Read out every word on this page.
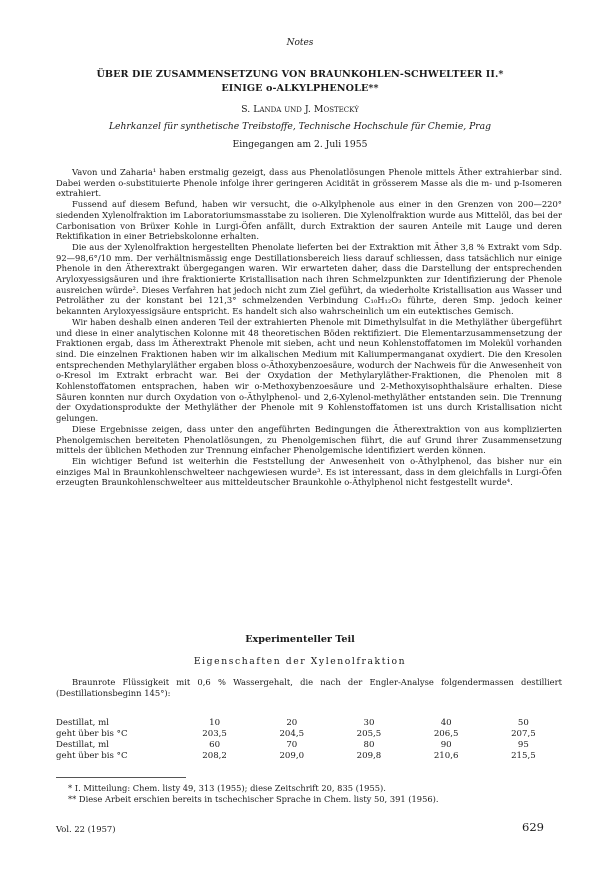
Notes
ÜBER DIE ZUSAMMENSETZUNG VON BRAUNKOHLEN-SCHWELTEER II.*
EINIGE o-ALKYLPHENOLE**
S. Landa und J. Mostecký
Lehrkanzel für synthetische Treibstoffe, Technische Hochschule für Chemie, Prag
Eingegangen am 2. Juli 1955

Vavon und Zaharia¹ haben erstmalig gezeigt, dass aus Phenolatlösungen Phenole mittels Äther extrahierbar sind. Dabei werden o-substituierte Phenole infolge ihrer geringeren Acidität in grösserem Masse als die m- und p-Isomeren extrahiert.

Fussend auf diesem Befund, haben wir versucht, die o-Alkylphenole aus einer in den Grenzen von 200—220° siedenden Xylenolfraktion im Laboratoriumsmasstabe zu isolieren. Die Xylenolfraktion wurde aus Mittelöl, das bei der Carbonisation von Brüxer Kohle in Lurgi-Öfen anfällt, durch Extraktion der sauren Anteile mit Lauge und deren Rektifikation in einer Betriebskolonne erhalten.

Die aus der Xylenolfraktion hergestellten Phenolate lieferten bei der Extraktion mit Äther 3,8 % Extrakt vom Sdp. 92—98,6°/10 mm. Der verhältnismässig enge Destillationsbereich liess darauf schliessen, dass tatsächlich nur einige Phenole in den Ätherextrakt übergegangen waren. Wir erwarteten daher, dass die Darstellung der entsprechenden Aryloxyessigsäuren und ihre fraktionierte Kristallisation nach ihren Schmelzpunkten zur Identifizierung der Phenole ausreichen würde². Dieses Verfahren hat jedoch nicht zum Ziel geführt, da wiederholte Kristallisation aus Wasser und Petroläther zu der konstant bei 121,3° schmelzenden Verbindung C₁₀H₁₂O₃ führte, deren Smp. jedoch keiner bekannten Aryloxyessigsäure entspricht. Es handelt sich also wahrscheinlich um ein eutektisches Gemisch.

Wir haben deshalb einen anderen Teil der extrahierten Phenole mit Dimethylsulfat in die Methyläther übergeführt und diese in einer analytischen Kolonne mit 48 theoretischen Böden rektifiziert. Die Elementarzusammensetzung der Fraktionen ergab, dass im Ätherextrakt Phenole mit sieben, acht und neun Kohlenstoffatomen im Molekül vorhanden sind. Die einzelnen Fraktionen haben wir im alkalischen Medium mit Kaliumpermanganat oxydiert. Die den Kresolen entsprechenden Methylaryläther ergaben bloss o-Äthoxybenzoesäure, wodurch der Nachweis für die Anwesenheit von o-Kresol im Extrakt erbracht war. Bei der Oxydation der Methylaryläther-Fraktionen, die Phenolen mit 8 Kohlenstoffatomen entsprachen, haben wir o-Methoxybenzoesäure und 2-Methoxyisophthalsäure erhalten. Diese Säuren konnten nur durch Oxydation von o-Äthylphenol- und 2,6-Xylenol-methyläther entstanden sein. Die Trennung der Oxydationsprodukte der Methyläther der Phenole mit 9 Kohlenstoffatomen ist uns durch Kristallisation nicht gelungen.

Diese Ergebnisse zeigen, dass unter den angeführten Bedingungen die Ätherextraktion von aus komplizierten Phenolgemischen bereiteten Phenolatlösungen, zu Phenolgemischen führt, die auf Grund ihrer Zusammensetzung mittels der üblichen Methoden zur Trennung einfacher Phenolgemische identifiziert werden können.

Ein wichtiger Befund ist weiterhin die Feststellung der Anwesenheit von o-Äthylphenol, das bisher nur ein einziges Mal in Braunkohlenschwelteer nachgewiesen wurde³. Es ist interessant, dass in dem gleichfalls in Lurgi-Öfen erzeugten Braunkohlenschwelteer aus mitteldeutscher Braunkohle o-Äthylphenol nicht festgestellt wurde⁴.

Experimenteller Teil
Eigenschaften der Xylenolfraktion

Braunrote Flüssigkeit mit 0,6 % Wassergehalt, die nach der Engler-Analyse folgendermassen destilliert (Destillationsbeginn 145°):

Destillat, ml	10	20	30	40	50
geht über bis °C	203,5	204,5	205,5	206,5	207,5
Destillat, ml	60	70	80	90	95
geht über bis °C	208,2	209,0	209,8	210,6	215,5
* I. Mitteilung: Chem. listy 49, 313 (1955); diese Zeitschrift 20, 835 (1955).
** Diese Arbeit erschien bereits in tschechischer Sprache in Chem. listy 50, 391 (1956).
Vol. 22 (1957)	629
